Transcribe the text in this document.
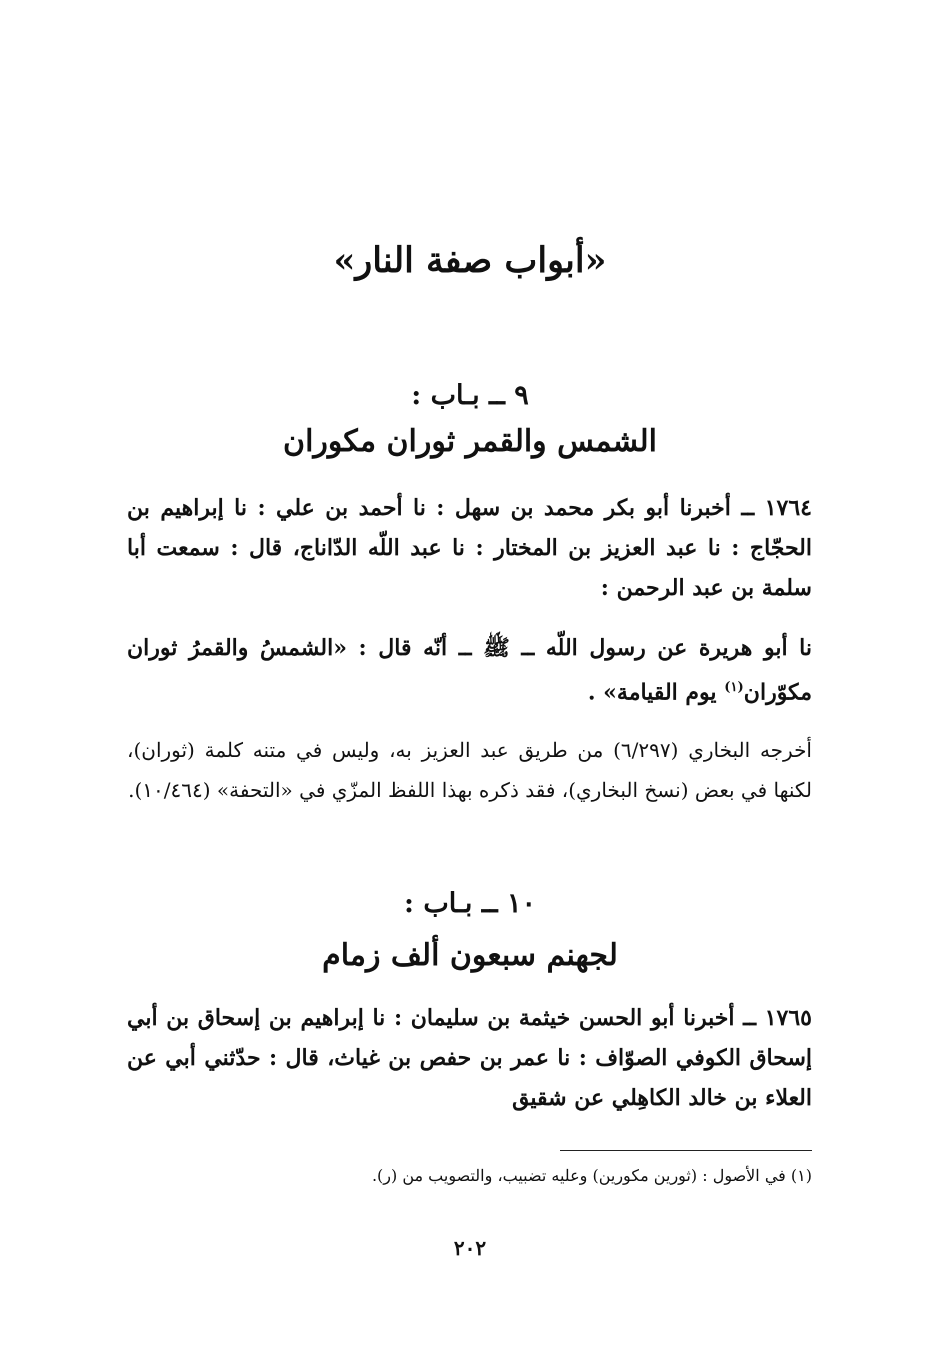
«أبواب صفة النار»
٩ ــ بـاب :
الشمس والقمر ثوران مكوران
١٧٦٤ ــ أخبرنا أبو بكر محمد بن سهل : نا أحمد بن علي : نا إبراهيم بن الحجّاج : نا عبد العزيز بن المختار : نا عبد اللّه الدّاناج، قال : سمعت أبا سلمة بن عبد الرحمن :
نا أبو هريرة عن رسول اللّه ــ ﷺ ــ أنّه قال : «الشمسُ والقمرُ ثوران مكوّران$^{(١)}$ يوم القيامة» .
أخرجه البخاري (٦/٢٩٧) من طريق عبد العزيز به، وليس في متنه كلمة (ثوران)، لكنها في بعض (نسخ البخاري)، فقد ذكره بهذا اللفظ المزّي في «التحفة» (١٠/٤٦٤).
١٠ ــ بـاب :
لجهنم سبعون ألف زمام
١٧٦٥ ــ أخبرنا أبو الحسن خيثمة بن سليمان : نا إبراهيم بن إسحاق بن أبي إسحاق الكوفي الصوّاف : نا عمر بن حفص بن غياث، قال : حدّثني أبي عن العلاء بن خالد الكاهِلي عن شقيق
(١) في الأصول : (ثورين مكورين) وعليه تضبيب، والتصويب من (ر).
٢٠٢
